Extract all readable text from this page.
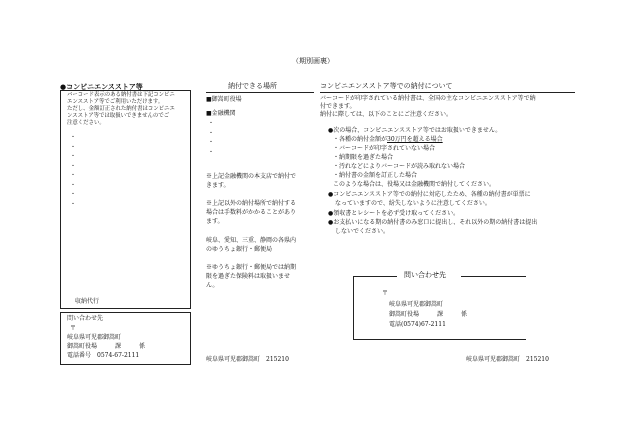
（期別画裏）
●コンビニエンスストア等
バーコード表示のある納付書は下記コンビニ
エンスストア等でご利用いただけます。
ただし、金額訂正された納付書はコンビニエ
ンスストア等では取扱いできませんのでご
注意ください。
・
・
・
・
・
・
・
・
収納代行
問い合わせ先
〒
岐阜県可児郡御嵩町
御嵩町役場　　　課　　　係
電話番号　0574-67-2111
納付できる場所
■御嵩町役場
■金融機関
・
・
・
・
※上記金融機関の本支店で納付で
きます。
※上記以外の納付場所で納付する
場合は手数料がかかることがあり
ます。
岐阜、愛知、三重、静岡の各県内
のゆうちょ銀行・郵便局
※ゆうちょ銀行・郵便局では納期
限を過ぎた保険料は取扱いませ
ん。
岐阜県可児郡御嵩町　215210
コンビニエンスストア等での納付について
バーコードが印字されている納付書は、全国の主なコンビニエンスストア等で納
付できます。
納付に際しては、以下のことにご注意ください。
●次の場合、コンビニエンスストア等ではお取扱いできません。
・各種の納付金額が30万円を超える場合
・バーコードが印字されていない場合
・納期限を過ぎた場合
・汚れなどによりバーコードが読み取れない場合
・納付書の金額を訂正した場合
このような場合は、役場又は金融機関で納付してください。
●コンビニエンスストア等での納付に対応したため、各種の納付書が単票に
なっていますので、紛失しないように注意してください。
●領収書とレシートを必ず受け取ってください。
●お支払いになる期の納付書のみ窓口に提出し、それ以外の期の納付書は提出
しないでください。
問い合わせ先
〒
岐阜県可児郡御嵩町
御嵩町役場　　　課　　　係
電話(0574)67-2111
岐阜県可児郡御嵩町　215210
